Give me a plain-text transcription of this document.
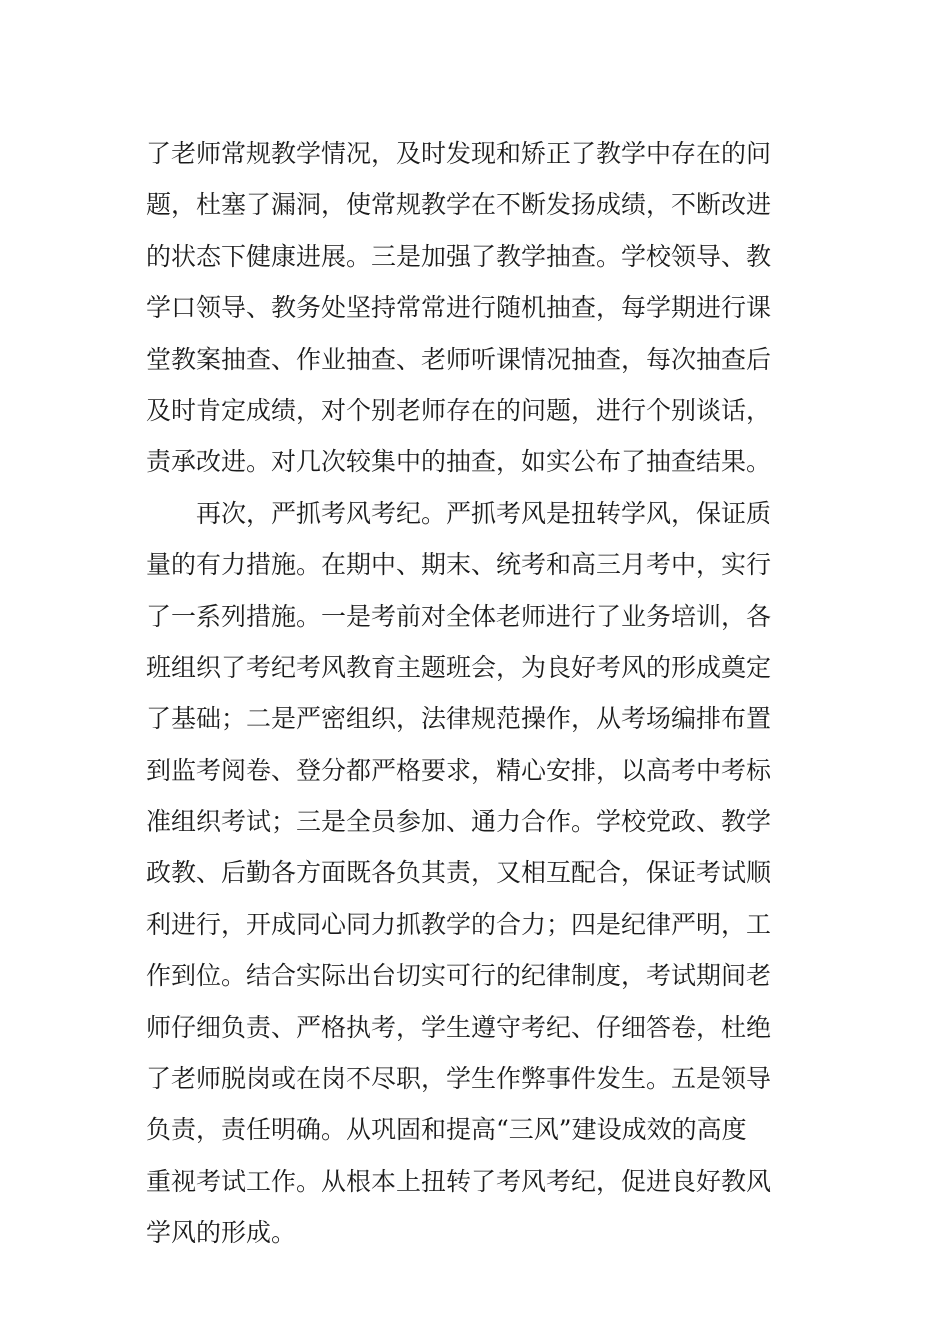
了老师常规教学情况，及时发现和矫正了教学中存在的问
题，杜塞了漏洞，使常规教学在不断发扬成绩，不断改进
的状态下健康进展。三是加强了教学抽查。学校领导、教
学口领导、教务处坚持常常进行随机抽查，每学期进行课
堂教案抽查、作业抽查、老师听课情况抽查，每次抽查后
及时肯定成绩，对个别老师存在的问题，进行个别谈话，
责承改进。对几次较集中的抽查，如实公布了抽查结果。
再次，严抓考风考纪。严抓考风是扭转学风，保证质
量的有力措施。在期中、期末、统考和高三月考中，实行
了一系列措施。一是考前对全体老师进行了业务培训，各
班组织了考纪考风教育主题班会，为良好考风的形成奠定
了基础；二是严密组织，法律规范操作，从考场编排布置
到监考阅卷、登分都严格要求，精心安排，以高考中考标
准组织考试；三是全员参加、通力合作。学校党政、教学
政教、后勤各方面既各负其责，又相互配合，保证考试顺
利进行，开成同心同力抓教学的合力；四是纪律严明，工
作到位。结合实际出台切实可行的纪律制度，考试期间老
师仔细负责、严格执考，学生遵守考纪、仔细答卷，杜绝
了老师脱岗或在岗不尽职，学生作弊事件发生。五是领导
负责，责任明确。从巩固和提高“三风”建设成效的高度
重视考试工作。从根本上扭转了考风考纪，促进良好教风
学风的形成。
